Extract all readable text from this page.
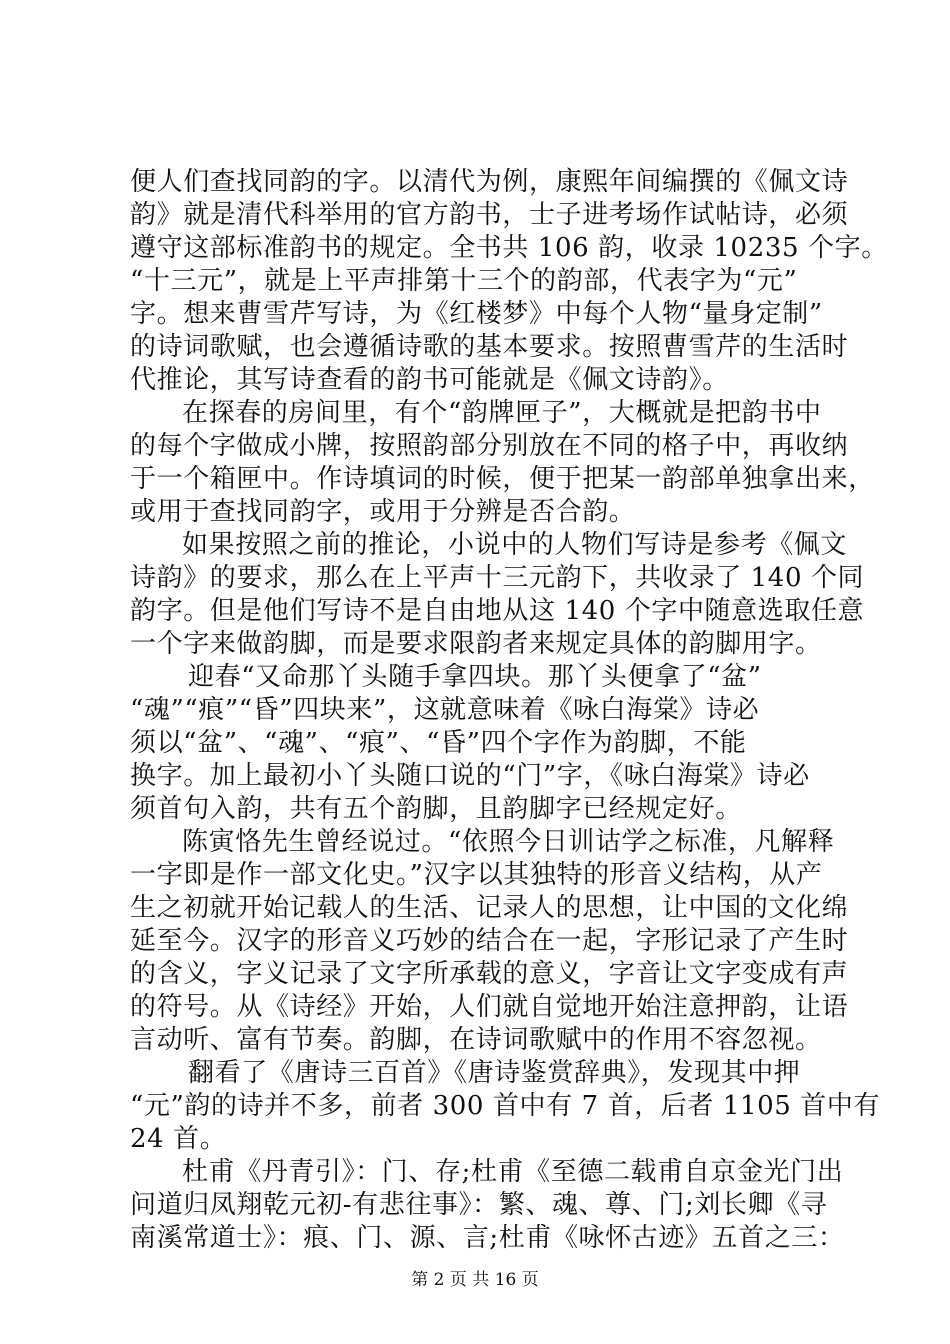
便人们查找同韵的字。以清代为例，康熙年间编撰的《佩文诗
韵》就是清代科举用的官方韵书，士子进考场作试帖诗，必须
遵守这部标准韵书的规定。全书共 106 韵，收录 10235 个字。
“十三元”，就是上平声排第十三个的韵部，代表字为“元”
字。想来曹雪芹写诗，为《红楼梦》中每个人物“量身定制”
的诗词歌赋，也会遵循诗歌的基本要求。按照曹雪芹的生活时
代推论，其写诗查看的韵书可能就是《佩文诗韵》。
在探春的房间里，有个“韵牌匣子”，大概就是把韵书中
的每个字做成小牌，按照韵部分别放在不同的格子中，再收纳
于一个箱匣中。作诗填词的时候，便于把某一韵部单独拿出来，
或用于查找同韵字，或用于分辨是否合韵。
如果按照之前的推论，小说中的人物们写诗是参考《佩文
诗韵》的要求，那么在上平声十三元韵下，共收录了 140 个同
韵字。但是他们写诗不是自由地从这 140 个字中随意选取任意
一个字来做韵脚，而是要求限韵者来规定具体的韵脚用字。
迎春“又命那丫头随手拿四块。那丫头便拿了“盆”
“魂”“痕”“昏”四块来”，这就意味着《咏白海棠》诗必
须以“盆”、“魂”、“痕”、“昏”四个字作为韵脚，不能
换字。加上最初小丫头随口说的“门”字，《咏白海棠》诗必
须首句入韵，共有五个韵脚，且韵脚字已经规定好。
陈寅恪先生曾经说过。“依照今日训诂学之标准，凡解释
一字即是作一部文化史。”汉字以其独特的形音义结构，从产
生之初就开始记载人的生活、记录人的思想，让中国的文化绵
延至今。汉字的形音义巧妙的结合在一起，字形记录了产生时
的含义，字义记录了文字所承载的意义，字音让文字变成有声
的符号。从《诗经》开始，人们就自觉地开始注意押韵，让语
言动听、富有节奏。韵脚，在诗词歌赋中的作用不容忽视。
翻看了《唐诗三百首》《唐诗鉴赏辞典》，发现其中押
“元”韵的诗并不多，前者 300 首中有 7 首，后者 1105 首中有
24 首。
杜甫《丹青引》：门、存;杜甫《至德二载甫自京金光门出
问道归凤翔乾元初-有悲往事》：繁、魂、尊、门;刘长卿《寻
南溪常道士》：痕、门、源、言;杜甫《咏怀古迹》五首之三：
第 2 页 共 16 页
